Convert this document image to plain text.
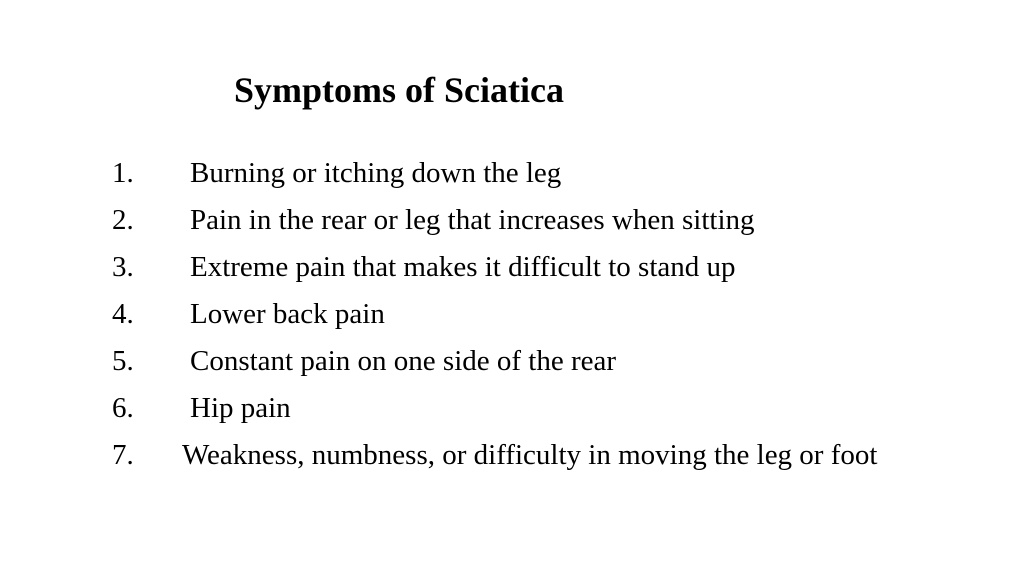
Symptoms of Sciatica
1. Burning or itching down the leg
2. Pain in the rear or leg that increases when sitting
3. Extreme pain that makes it difficult to stand up
4. Lower back pain
5. Constant pain on one side of the rear
6. Hip pain
7. Weakness, numbness, or difficulty in moving the leg or foot
